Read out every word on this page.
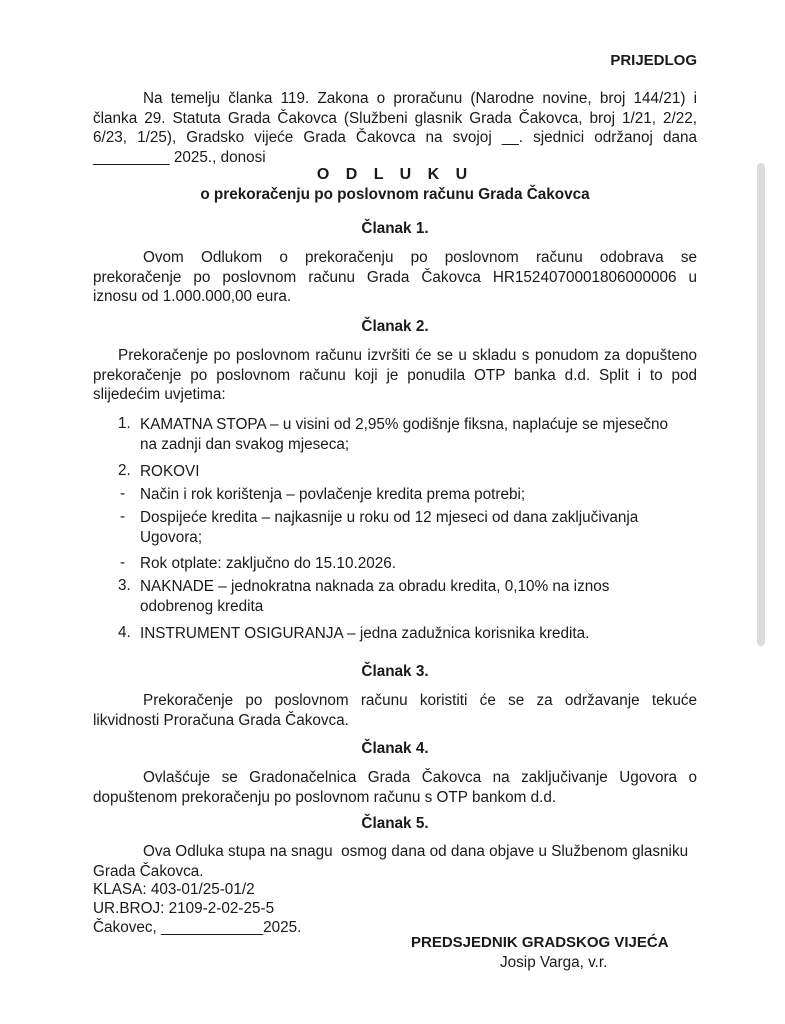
PRIJEDLOG
Na temelju članka 119. Zakona o proračunu (Narodne novine, broj 144/21) i
članka 29. Statuta Grada Čakovca (Službeni glasnik Grada Čakovca, broj 1/21, 2/22,
6/23, 1/25), Gradsko vijeće Grada Čakovca na svojoj __. sjednici održanoj dana
_________ 2025., donosi
O D L U K U
o prekoračenju po poslovnom računu Grada Čakovca
Članak 1.
Ovom Odlukom o prekoračenju po poslovnom računu odobrava se
prekoračenje po poslovnom računu Grada Čakovca HR1524070001806000006 u
iznosu od 1.000.000,00 eura.
Članak 2.
Prekoračenje po poslovnom računu izvršiti će se u skladu s ponudom za dopušteno
prekoračenje po poslovnom računu koji je ponudila OTP banka d.d. Split i to pod
slijedećim uvjetima:
1. KAMATNA STOPA – u visini od 2,95% godišnje fiksna, naplaćuje se mjesečno
na zadnji dan svakog mjeseca;
2. ROKOVI
- Način i rok korištenja – povlačenje kredita prema potrebi;
- Dospijeće kredita – najkasnije u roku od 12 mjeseci od dana zaključivanja
Ugovora;
- Rok otplate: zaključno do 15.10.2026.
3. NAKNADE – jednokratna naknada za obradu kredita, 0,10% na iznos
odobrenog kredita
4. INSTRUMENT OSIGURANJA – jedna zadužnica korisnika kredita.
Članak 3.
Prekoračenje po poslovnom računu koristiti će se za održavanje tekuće
likvidnosti Proračuna Grada Čakovca.
Članak 4.
Ovlašćuje se Gradonačelnica Grada Čakovca na zaključivanje Ugovora o
dopuštenom prekoračenju po poslovnom računu s OTP bankom d.d.
Članak 5.
Ova Odluka stupa na snagu  osmog dana od dana objave u Službenom glasniku
Grada Čakovca.
KLASA: 403-01/25-01/2
UR.BROJ: 2109-2-02-25-5
Čakovec, ____________2025.
PREDSJEDNIK GRADSKOG VIJEĆA
Josip Varga, v.r.
